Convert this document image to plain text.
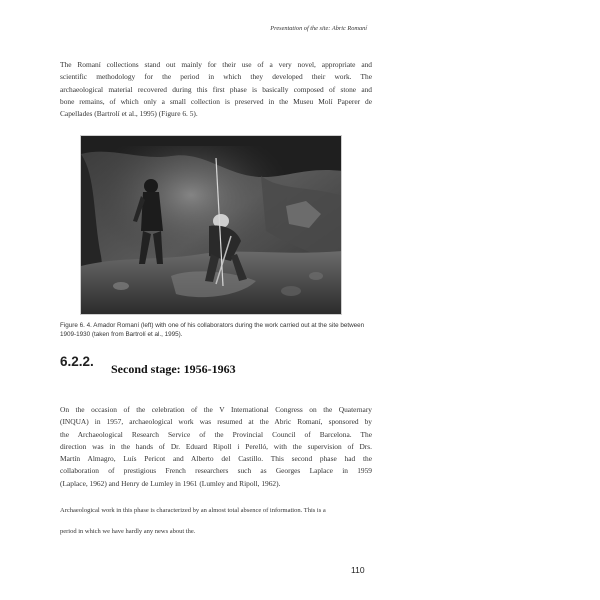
Presentation of the site: Abric Romaní

The Romaní collections stand out mainly for their use of a very novel, appropriate and
scientific methodology for the period in which they developed their work. The
archaeological material recovered during this first phase is basically composed of stone and
bone remains, of which only a small collection is preserved in the Museu Molí Paperer de
Capellades (Bartrolí et al., 1995) (Figure 6. 5).

Figure 6. 4. Amador Romaní (left) with one of his collaborators during the work carried out at the site between 1909-1930 (taken from Bartrolí et al., 1995).
6.2.2. Second stage: 1956-1963

On the occasion of the celebration of the V International Congress on the Quaternary
(INQUA) in 1957, archaeological work was resumed at the Abric Romaní, sponsored by
the Archaeological Research Service of the Provincial Council of Barcelona. The
direction was in the hands of Dr. Eduard Ripoll i Perelló, with the supervision of Drs.
Martín Almagro, Luís Pericot and Alberto del Castillo. This second phase had the
collaboration of prestigious French researchers such as Georges Laplace in 1959
(Laplace, 1962) and Henry de Lumley in 1961 (Lumley and Ripoll, 1962).

Archaeological work in this phase is characterized by an almost total absence of information. This is a
period in which we have hardly any news about the.
110
